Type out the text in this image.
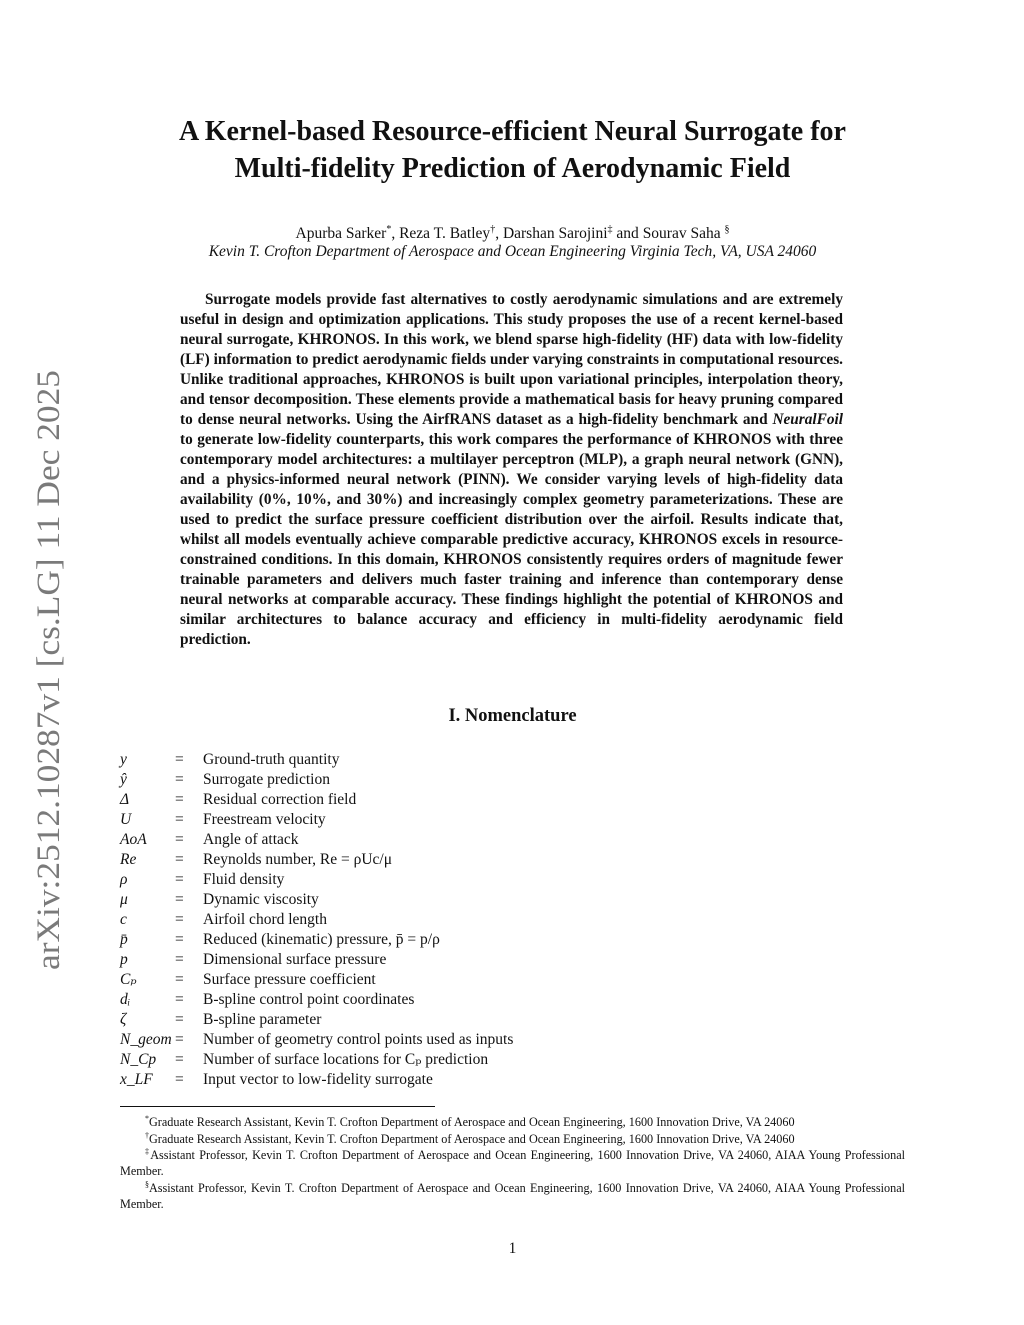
arXiv:2512.10287v1 [cs.LG] 11 Dec 2025
A Kernel-based Resource-efficient Neural Surrogate for
Multi-fidelity Prediction of Aerodynamic Field
Apurba Sarker*, Reza T. Batley†, Darshan Sarojini‡ and Sourav Saha §
Kevin T. Crofton Department of Aerospace and Ocean Engineering Virginia Tech, VA, USA 24060
Surrogate models provide fast alternatives to costly aerodynamic simulations and are extremely useful in design and optimization applications. This study proposes the use of a recent kernel-based neural surrogate, KHRONOS. In this work, we blend sparse high-fidelity (HF) data with low-fidelity (LF) information to predict aerodynamic fields under varying constraints in computational resources. Unlike traditional approaches, KHRONOS is built upon variational principles, interpolation theory, and tensor decomposition. These elements provide a mathematical basis for heavy pruning compared to dense neural networks. Using the AirfRANS dataset as a high-fidelity benchmark and NeuralFoil to generate low-fidelity counterparts, this work compares the performance of KHRONOS with three contemporary model architectures: a multilayer perceptron (MLP), a graph neural network (GNN), and a physics-informed neural network (PINN). We consider varying levels of high-fidelity data availability (0%, 10%, and 30%) and increasingly complex geometry parameterizations. These are used to predict the surface pressure coefficient distribution over the airfoil. Results indicate that, whilst all models eventually achieve comparable predictive accuracy, KHRONOS excels in resource-constrained conditions. In this domain, KHRONOS consistently requires orders of magnitude fewer trainable parameters and delivers much faster training and inference than contemporary dense neural networks at comparable accuracy. These findings highlight the potential of KHRONOS and similar architectures to balance accuracy and efficiency in multi-fidelity aerodynamic field prediction.
I. Nomenclature
y	= Ground-truth quantity
ŷ	= Surrogate prediction
Δ	= Residual correction field
U	= Freestream velocity
AoA = Angle of attack
Re = Reynolds number, Re = ρUc/μ
ρ	= Fluid density
μ	= Dynamic viscosity
c	= Airfoil chord length
p̄	= Reduced (kinematic) pressure, p̄ = p/ρ
p	= Dimensional surface pressure
Cₚ = Surface pressure coefficient
dᵢ	= B-spline control point coordinates
ζ	= B-spline parameter
N_geom = Number of geometry control points used as inputs
N_Cp = Number of surface locations for Cₚ prediction
x_LF = Input vector to low-fidelity surrogate
*Graduate Research Assistant, Kevin T. Crofton Department of Aerospace and Ocean Engineering, 1600 Innovation Drive, VA 24060
†Graduate Research Assistant, Kevin T. Crofton Department of Aerospace and Ocean Engineering, 1600 Innovation Drive, VA 24060
‡Assistant Professor, Kevin T. Crofton Department of Aerospace and Ocean Engineering, 1600 Innovation Drive, VA 24060, AIAA Young Professional Member.
§Assistant Professor, Kevin T. Crofton Department of Aerospace and Ocean Engineering, 1600 Innovation Drive, VA 24060, AIAA Young Professional Member.
1
